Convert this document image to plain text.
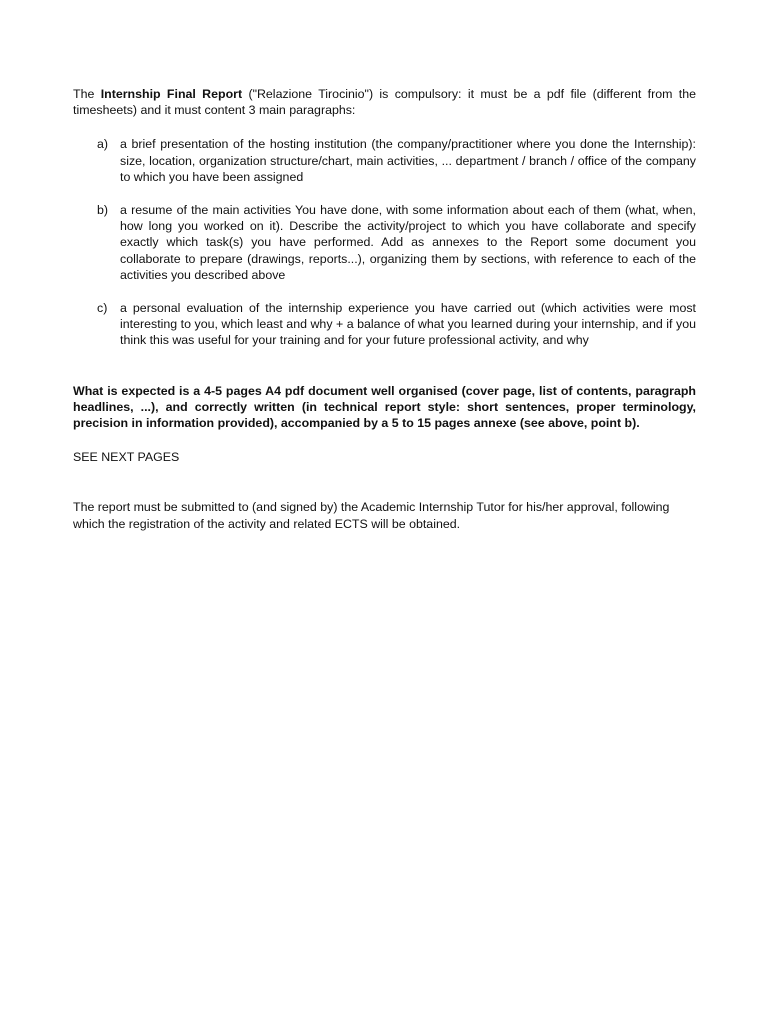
The Internship Final Report ("Relazione Tirocinio") is compulsory: it must be a pdf file (different from the timesheets) and it must content 3 main paragraphs:

a) a brief presentation of the hosting institution (the company/practitioner where you done the Internship): size, location, organization structure/chart, main activities, ... department / branch / office of the company to which you have been assigned
b) a resume of the main activities You have done, with some information about each of them (what, when, how long you worked on it). Describe the activity/project to which you have collaborate and specify exactly which task(s) you have performed. Add as annexes to the Report some document you collaborate to prepare (drawings, reports...), organizing them by sections, with reference to each of the activities you described above
c) a personal evaluation of the internship experience you have carried out (which activities were most interesting to you, which least and why + a balance of what you learned during your internship, and if you think this was useful for your training and for your future professional activity, and why

What is expected is a 4-5 pages A4 pdf document well organised (cover page, list of contents, paragraph headlines, ...), and correctly written (in technical report style: short sentences, proper terminology, precision in information provided), accompanied by a 5 to 15 pages annexe (see above, point b).

SEE NEXT PAGES

The report must be submitted to (and signed by) the Academic Internship Tutor for his/her approval, following which the registration of the activity and related ECTS will be obtained.
